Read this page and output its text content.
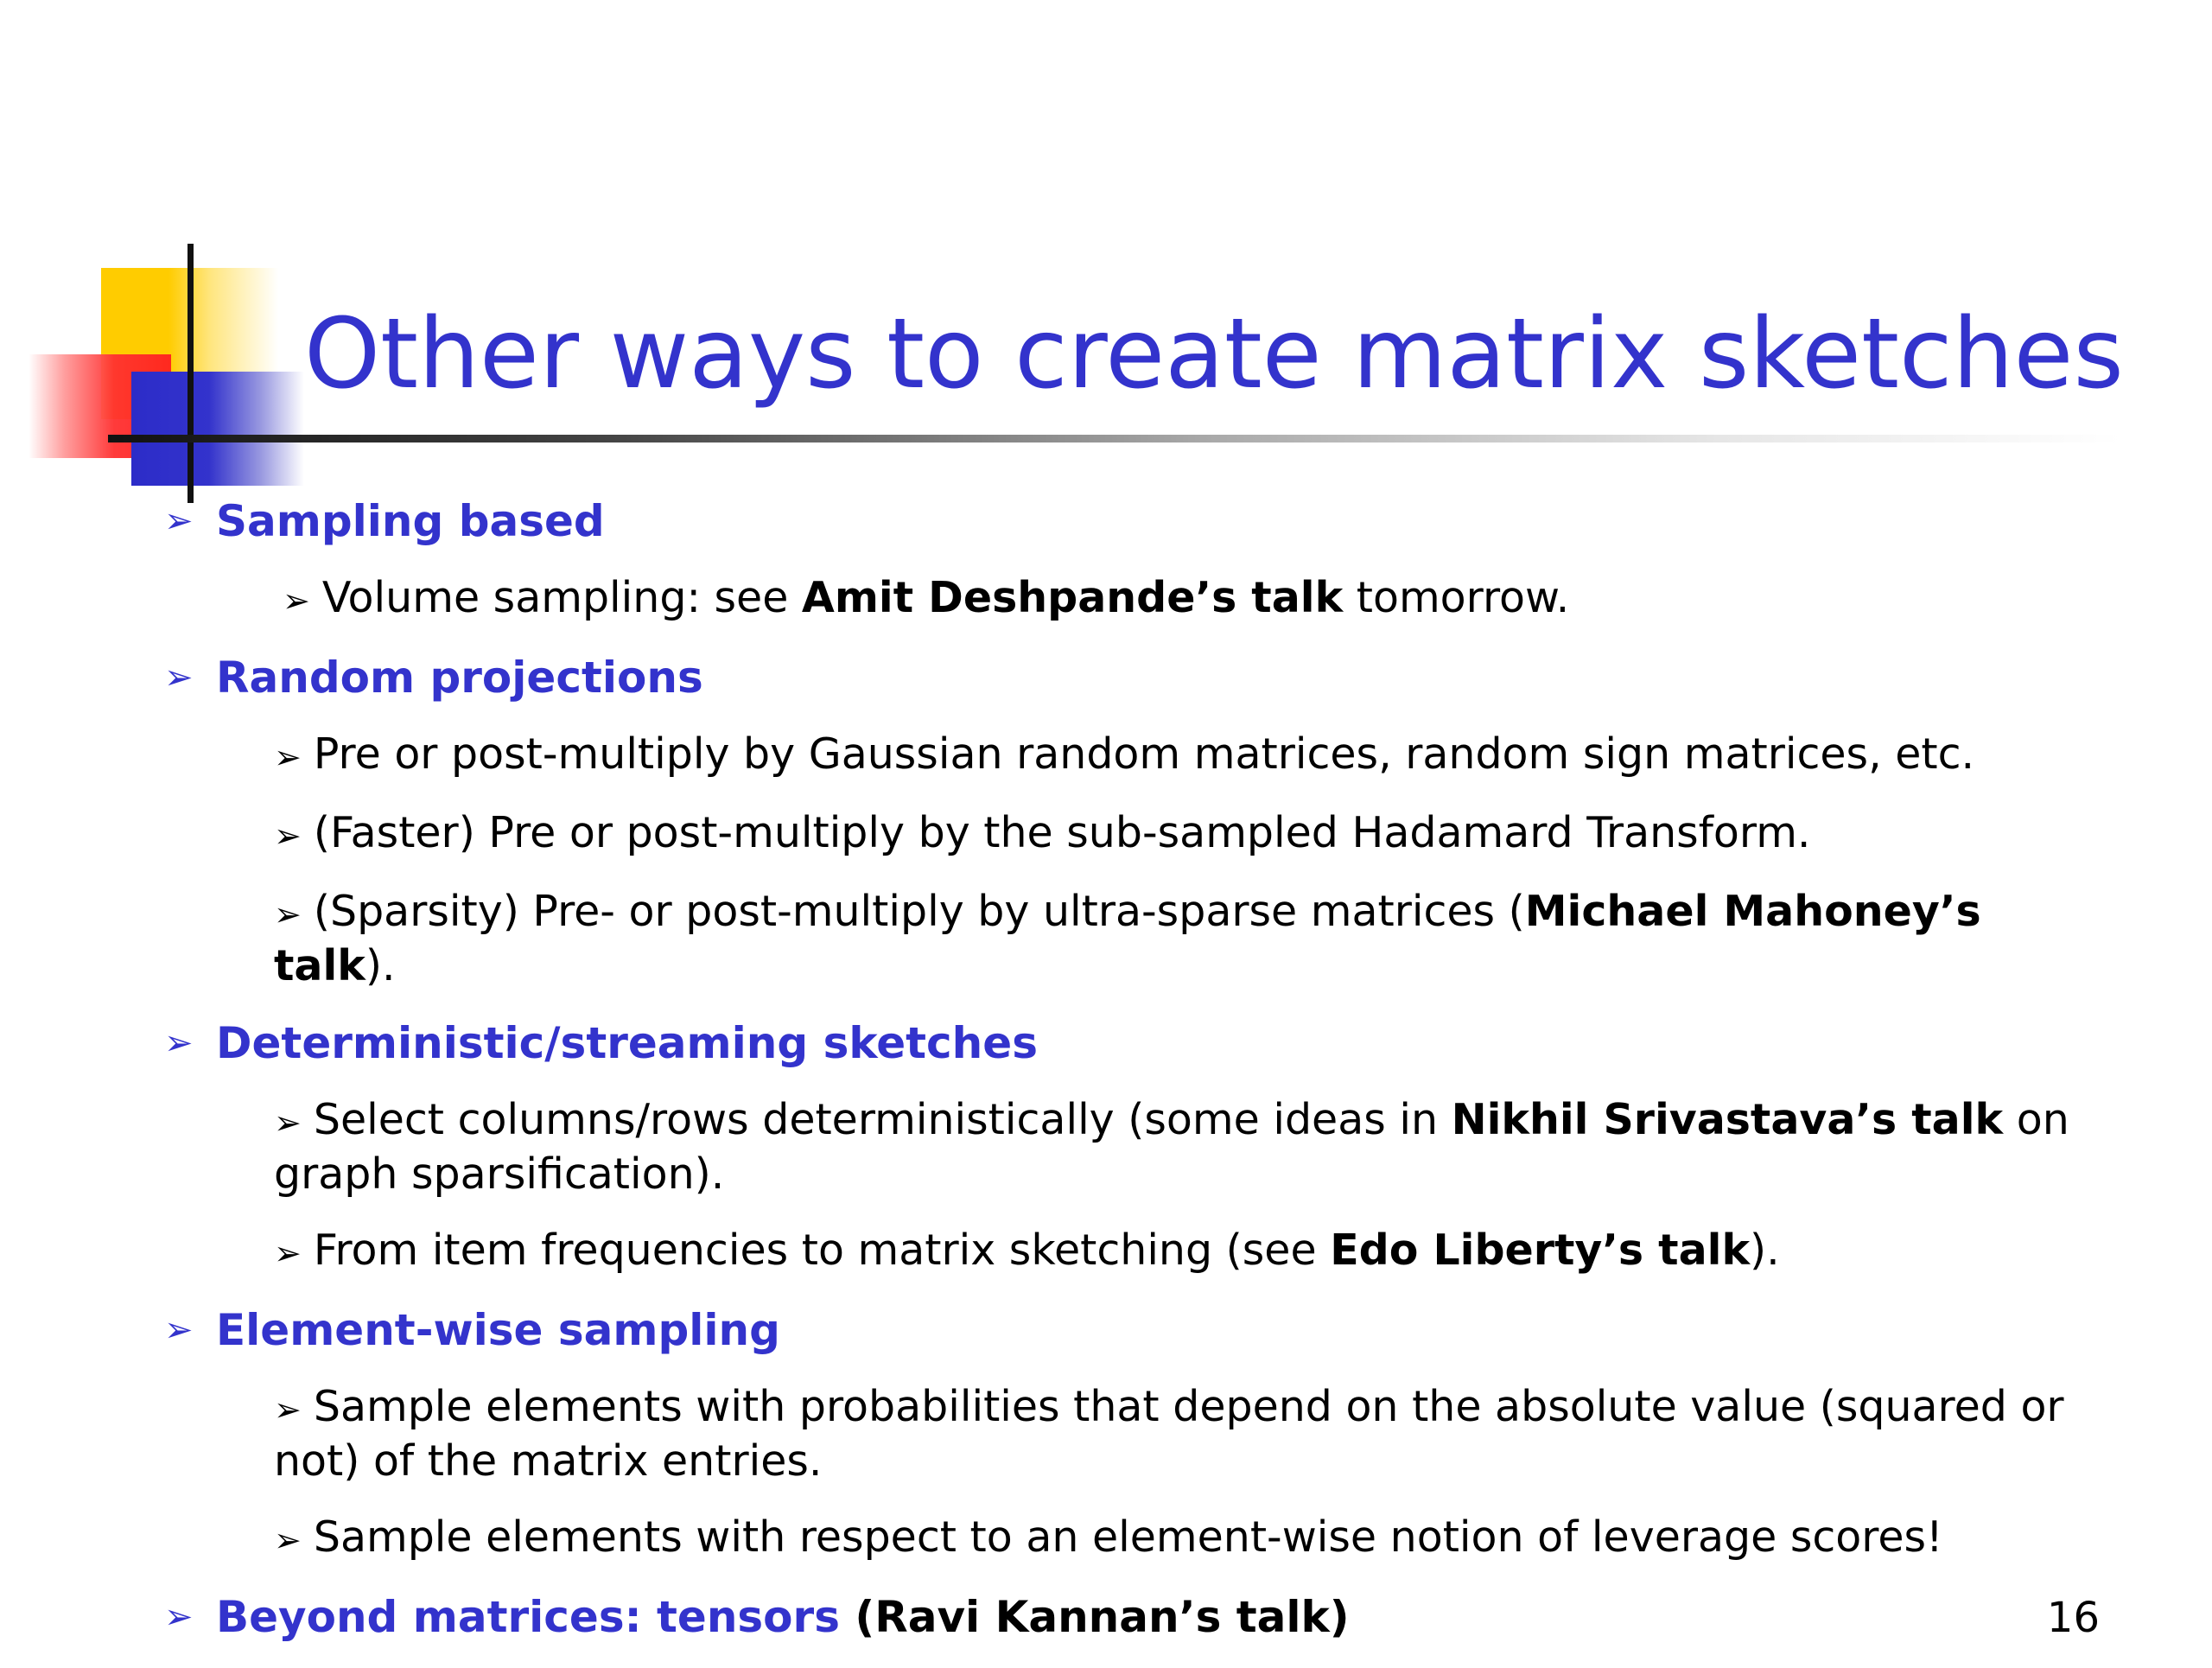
Other ways to create matrix sketches
➢ Sampling based
➢ Volume sampling: see Amit Deshpande’s talk tomorrow.
➢ Random projections
➢ Pre or post-multiply by Gaussian random matrices, random sign matrices, etc.
➢ (Faster) Pre or post-multiply by the sub-sampled Hadamard Transform.
➢ (Sparsity) Pre- or post-multiply by ultra-sparse matrices (Michael Mahoney’s talk).
➢ Deterministic/streaming sketches
➢ Select columns/rows deterministically (some ideas in Nikhil Srivastava’s talk on graph sparsification).
➢ From item frequencies to matrix sketching (see Edo Liberty’s talk).
➢ Element-wise sampling
➢ Sample elements with probabilities that depend on the absolute value (squared or not) of the matrix entries.
➢ Sample elements with respect to an element-wise notion of leverage scores!
➢ Beyond matrices: tensors (Ravi Kannan’s talk)	16
